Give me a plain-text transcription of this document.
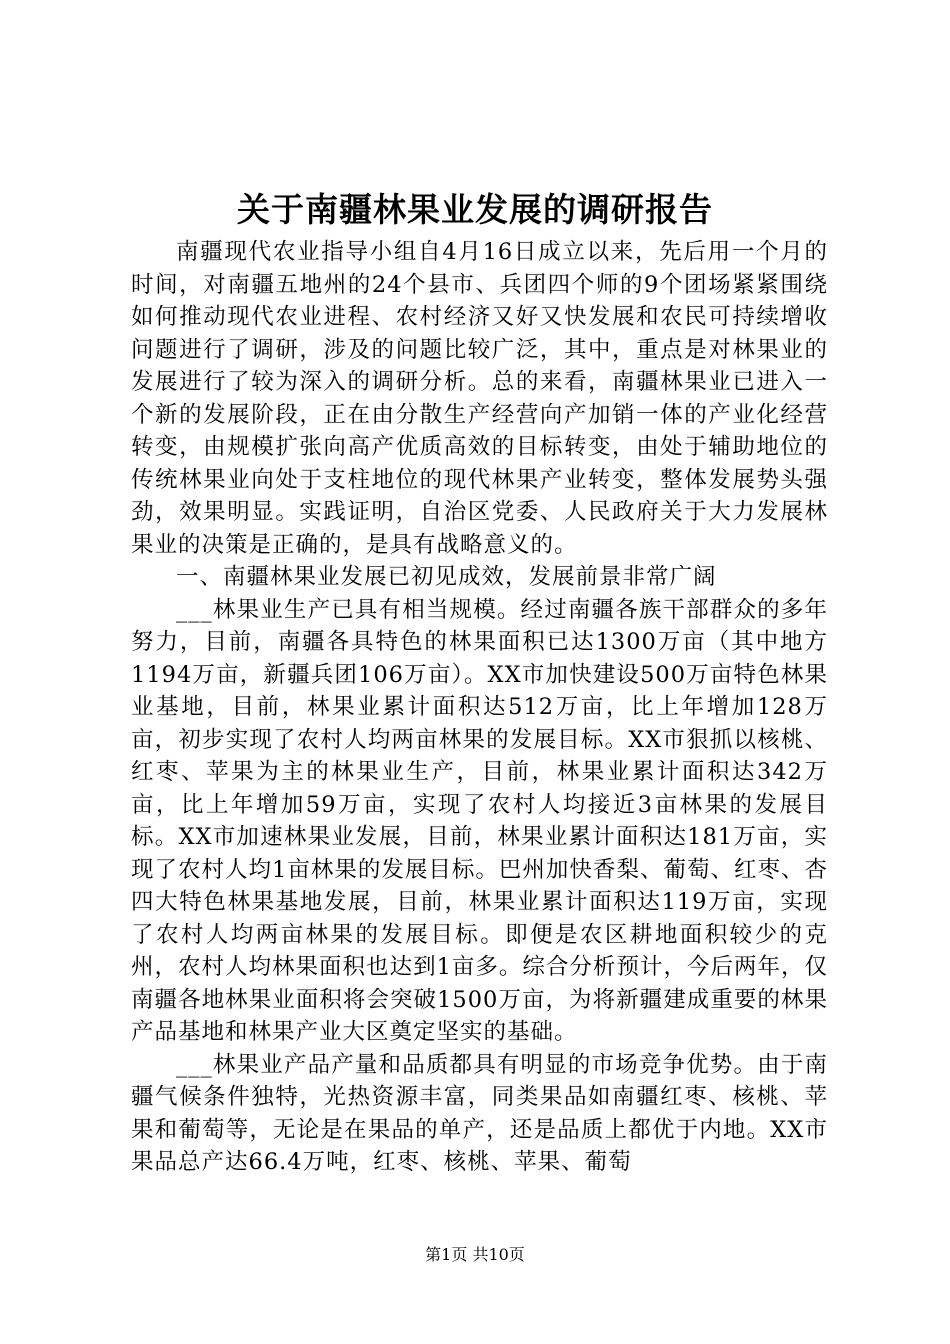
关于南疆林果业发展的调研报告

南疆现代农业指导小组自4月16日成立以来，先后用一个月的时间，对南疆五地州的24个县市、兵团四个师的9个团场紧紧围绕如何推动现代农业进程、农村经济又好又快发展和农民可持续增收问题进行了调研，涉及的问题比较广泛，其中，重点是对林果业的发展进行了较为深入的调研分析。总的来看，南疆林果业已进入一个新的发展阶段，正在由分散生产经营向产加销一体的产业化经营转变，由规模扩张向高产优质高效的目标转变，由处于辅助地位的传统林果业向处于支柱地位的现代林果产业转变，整体发展势头强劲，效果明显。实践证明，自治区党委、人民政府关于大力发展林果业的决策是正确的，是具有战略意义的。

一、南疆林果业发展已初见成效，发展前景非常广阔

___林果业生产已具有相当规模。经过南疆各族干部群众的多年努力，目前，南疆各具特色的林果面积已达1300万亩（其中地方1194万亩，新疆兵团106万亩）。XX市加快建设500万亩特色林果业基地，目前，林果业累计面积达512万亩，比上年增加128万亩，初步实现了农村人均两亩林果的发展目标。XX市狠抓以核桃、红枣、苹果为主的林果业生产，目前，林果业累计面积达342万亩，比上年增加59万亩，实现了农村人均接近3亩林果的发展目标。XX市加速林果业发展，目前，林果业累计面积达181万亩，实现了农村人均1亩林果的发展目标。巴州加快香梨、葡萄、红枣、杏四大特色林果基地发展，目前，林果业累计面积达119万亩，实现了农村人均两亩林果的发展目标。即便是农区耕地面积较少的克州，农村人均林果面积也达到1亩多。综合分析预计，今后两年，仅南疆各地林果业面积将会突破1500万亩，为将新疆建成重要的林果产品基地和林果产业大区奠定坚实的基础。

___林果业产品产量和品质都具有明显的市场竞争优势。由于南疆气候条件独特，光热资源丰富，同类果品如南疆红枣、核桃、苹果和葡萄等，无论是在果品的单产，还是品质上都优于内地。XX市果品总产达66.4万吨，红枣、核桃、苹果、葡萄

第1页 共10页
